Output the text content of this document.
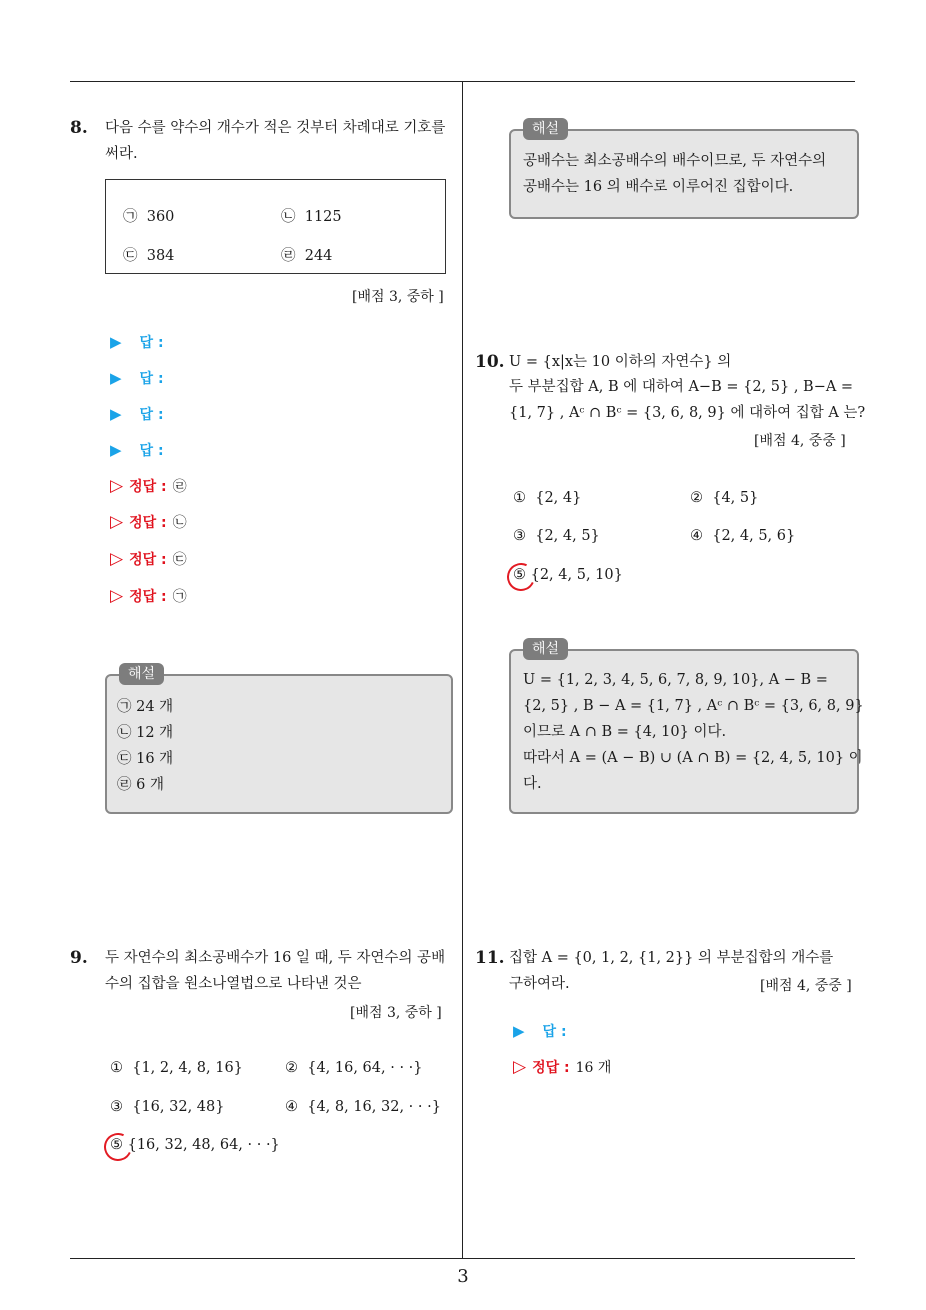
3
8. 다음 수를 약수의 개수가 적은 것부터 차례대로 기호를
써라.
㉠ 360	㉡ 1125
㉢ 384	㉣ 244
[배점 3, 중하 ]
▶ 답 :
▶ 답 :
▶ 답 :
▶ 답 :
▷ 정답 : ㉣
▷ 정답 : ㉡
▷ 정답 : ㉢
▷ 정답 : ㉠
해설
㉠ 24 개
㉡ 12 개
㉢ 16 개
㉣ 6 개
9. 두 자연수의 최소공배수가 16 일 때, 두 자연수의 공배
수의 집합을 원소나열법으로 나타낸 것은
[배점 3, 중하 ]
① {1, 2, 4, 8, 16}	② {4, 16, 64, · · ·}
③ {16, 32, 48}	④ {4, 8, 16, 32, · · ·}
⑤ {16, 32, 48, 64, · · ·}
해설
공배수는 최소공배수의 배수이므로, 두 자연수의
공배수는 16 의 배수로 이루어진 집합이다.
10. U = {x|x는 10 이하의 자연수} 의
두 부분집합 A, B 에 대하여 A−B = {2, 5} , B−A =
{1, 7} , Aᶜ ∩ Bᶜ = {3, 6, 8, 9} 에 대하여 집합 A 는?
[배점 4, 중중 ]
① {2, 4}	② {4, 5}
③ {2, 4, 5}	④ {2, 4, 5, 6}
⑤ {2, 4, 5, 10}
해설
U = {1, 2, 3, 4, 5, 6, 7, 8, 9, 10}, A − B =
{2, 5} , B − A = {1, 7} , Aᶜ ∩ Bᶜ = {3, 6, 8, 9}
이므로 A ∩ B = {4, 10} 이다.
따라서 A = (A − B) ∪ (A ∩ B) = {2, 4, 5, 10} 이
다.
11. 집합 A = {0, 1, 2, {1, 2}} 의 부분집합의 개수를
구하여라.	[배점 4, 중중 ]
▶ 답 :
▷ 정답 : 16 개
